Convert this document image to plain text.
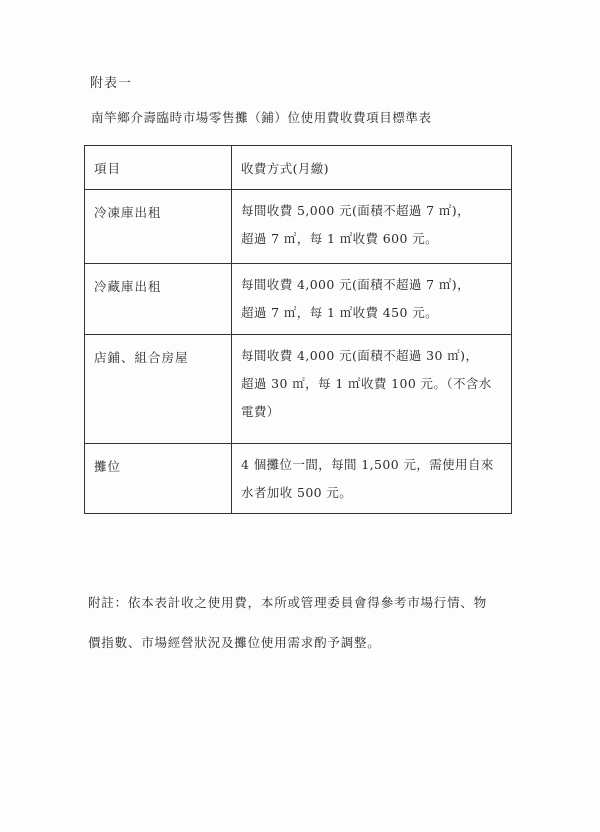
附表一
南竿鄉介壽臨時市場零售攤（鋪）位使用費收費項目標準表
項目	收費方式(月繳)
冷凍庫出租	每間收費 5,000 元(面積不超過 7 ㎡)，
超過 7 ㎡，每 1 ㎡收費 600 元。

冷藏庫出租	每間收費 4,000 元(面積不超過 7 ㎡)，
超過 7 ㎡，每 1 ㎡收費 450 元。

店鋪、組合房屋	每間收費 4,000 元(面積不超過 30 ㎡)，
超過 30 ㎡，每 1 ㎡收費 100 元。（不含水
電費）

攤位	4 個攤位一間，每間 1,500 元，需使用自來
水者加收 500 元。
附註：依本表計收之使用費，本所或管理委員會得參考市場行情、物
價指數、市場經營狀況及攤位使用需求酌予調整。
